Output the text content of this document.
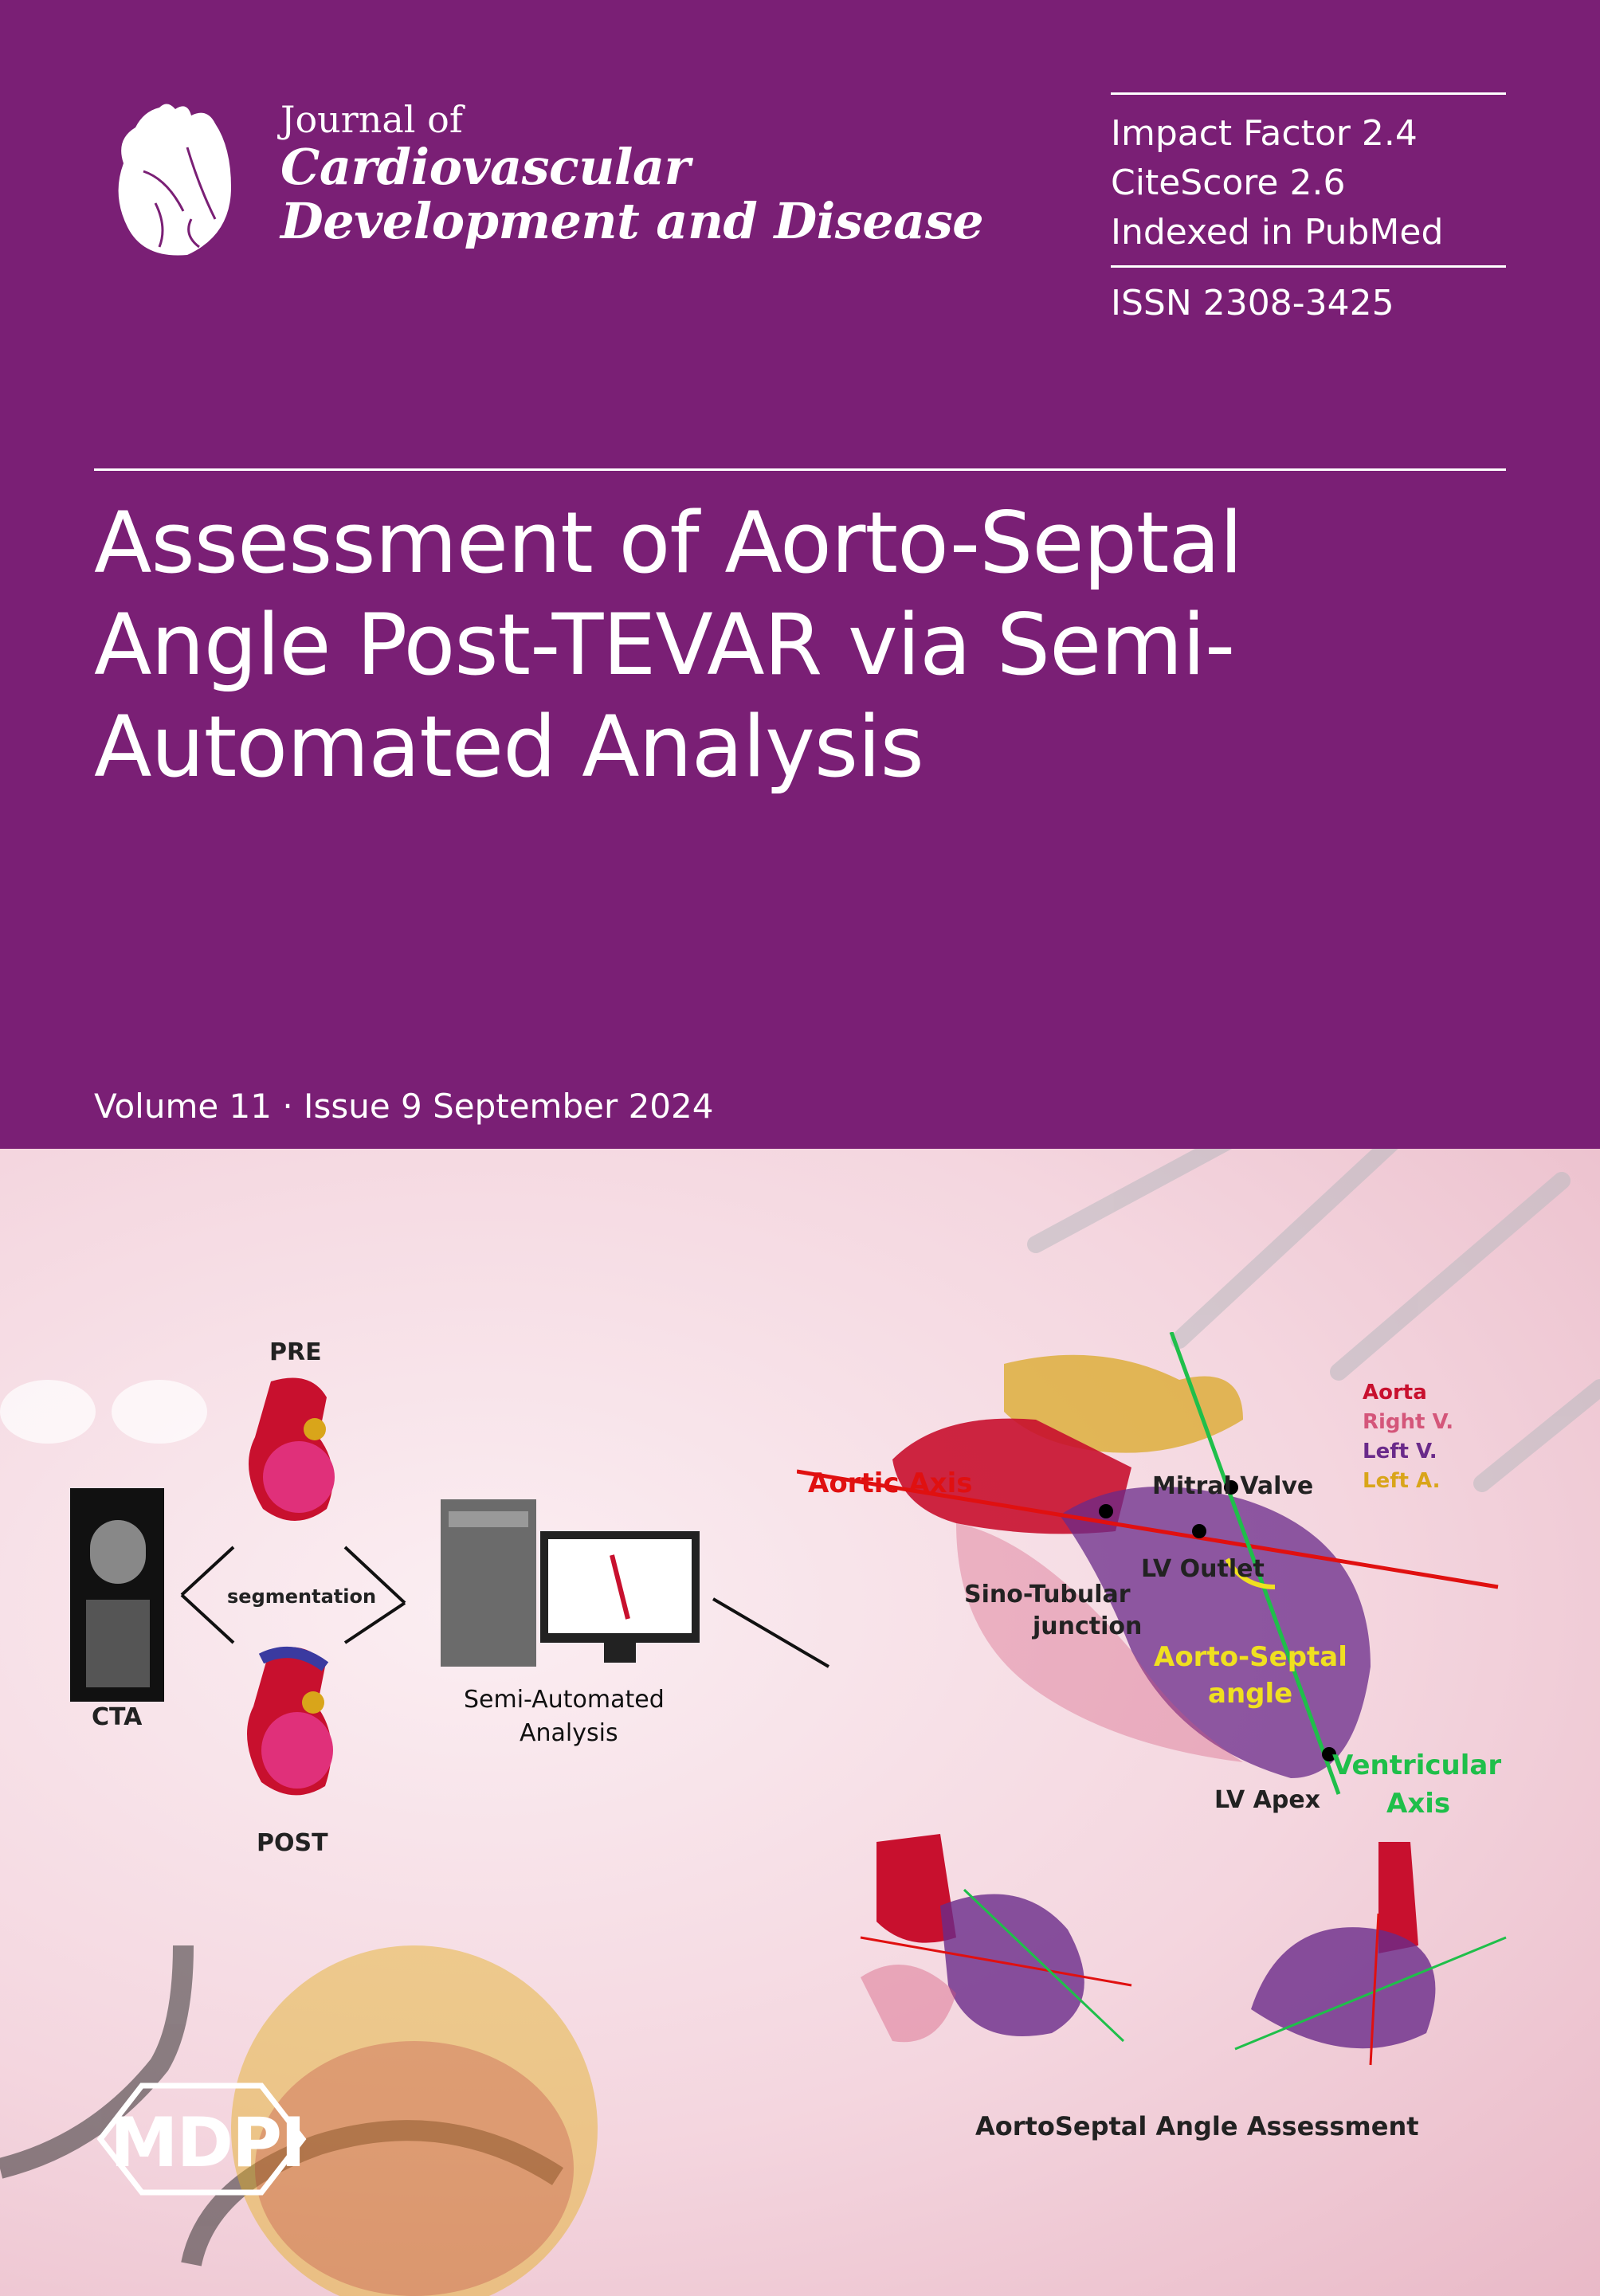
Journal of
Cardiovascular
Development and Disease
Impact Factor 2.4
CiteScore 2.6
Indexed in PubMed
ISSN 2308-3425
Assessment of Aorto-Septal Angle Post-TEVAR via Semi-Automated Analysis
Volume 11 · Issue 9 September 2024
CTA
PRE
segmentation
POST
Semi-Automated
Analysis
Aortic Axis	Mitral Valve
LV Outlet
Sino-Tubular
junction
Aorto-Septal
angle
Ventricular
Axis
LV Apex
Aorta
Right V.
Left V.
Left A.
AortoSeptal Angle Assessment
MDPI
